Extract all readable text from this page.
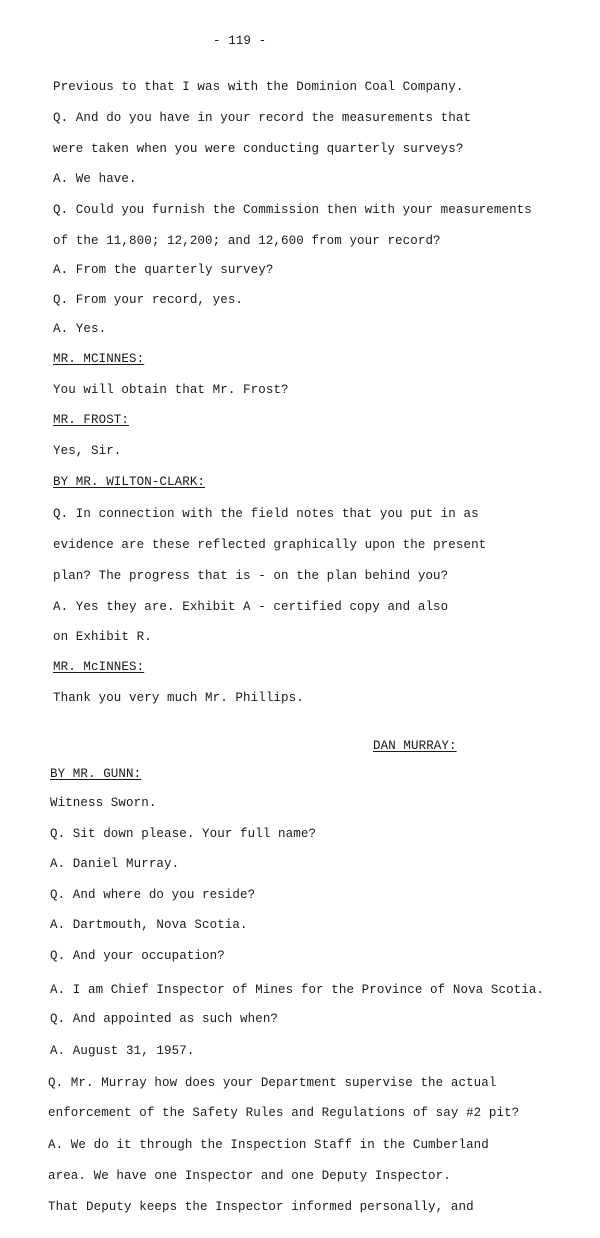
- 119 -
Previous to that I was with the Dominion Coal Company.
Q. And do you have in your record the measurements that
were taken when you were conducting quarterly surveys?
A. We have.
Q. Could you furnish the Commission then with your measurements
of the 11,800; 12,200; and 12,600 from your record?
A. From the quarterly survey?
Q. From your record, yes.
A. Yes.
MR. MCINNES:
You will obtain that Mr. Frost?
MR. FROST:
Yes, Sir.
BY MR. WILTON-CLARK:
Q. In connection with the field notes that you put in as
evidence are these reflected graphically upon the present
plan? The progress that is - on the plan behind you?
A. Yes they are. Exhibit A - certified copy and also
on Exhibit R.
MR. McINNES:
Thank you very much Mr. Phillips.
DAN MURRAY:
BY MR. GUNN:
Witness Sworn.
Q. Sit down please. Your full name?
A. Daniel Murray.
Q. And where do you reside?
A. Dartmouth, Nova Scotia.
Q. And your occupation?
A. I am Chief Inspector of Mines for the Province of Nova Scotia.
Q. And appointed as such when?
A. August 31, 1957.
Q. Mr. Murray how does your Department supervise the actual
enforcement of the Safety Rules and Regulations of say #2 pit?
A. We do it through the Inspection Staff in the Cumberland
area. We have one Inspector and one Deputy Inspector.
That Deputy keeps the Inspector informed personally, and
